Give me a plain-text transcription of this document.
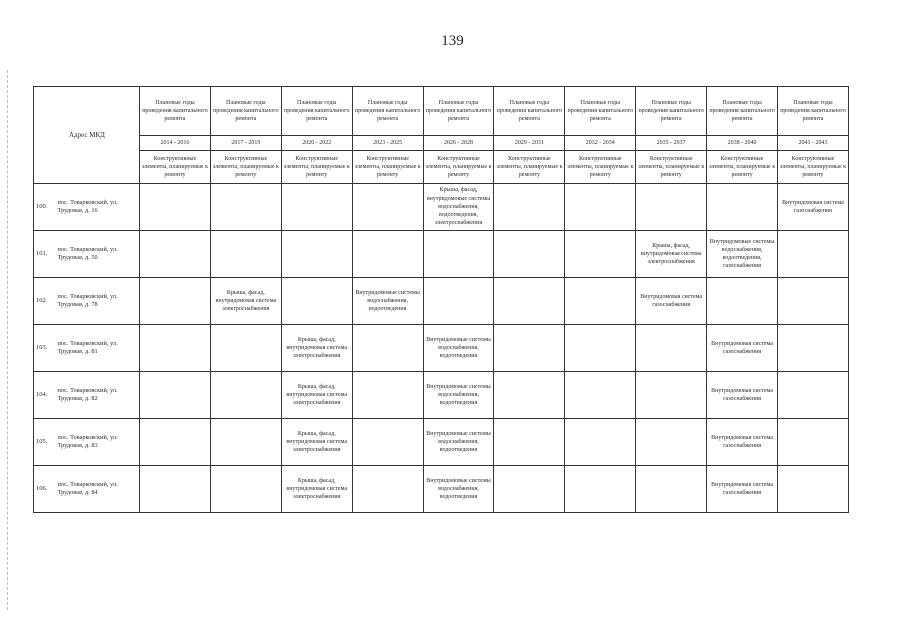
139
Адрес МКД		Плановые годы проведения капитального ремонта	Плановые годы проведения капитального ремонта	Плановые годы проведения капитального ремонта	Плановые годы проведения капитального ремонта	Плановые годы проведения капитального ремонта	Плановые годы проведения капитального ремонта	Плановые годы проведения капитального ремонта	Плановые годы проведения капитального ремонта	Плановые годы проведения капитального ремонта	Плановые годы проведения капитального ремонта
		2014 - 2016	2017 - 2019	2020 - 2022	2023 - 2025	2026 - 2028	2029 - 2031	2032 - 2034	2035 - 2037	2038 - 2040	2041 - 2043
		Конструктивные элементы, планируемые к ремонту	Конструктивные элементы, планируемые к ремонту	Конструктивные элементы, планируемые к ремонту	Конструктивные элементы, планируемые к ремонту	Конструктивные элементы, планируемые к ремонту	Конструктивные элементы, планируемые к ремонту	Конструктивные элементы, планируемые к ремонту	Конструктивные элементы, планируемые к ремонту	Конструктивные элементы, планируемые к ремонту	Конструктивные элементы, планируемые к ремонту
100.	пос. Товарковский, ул. Трудовая, д. 16					Крыша, фасад, внутридомовые системы водоснабжения, водоотведения, электроснабжения					Внутридомовая система газоснабжения
101.	пос. Товарковский, ул. Трудовая, д. 50								Крыша, фасад, внутридомовая система электроснабжения	Внутридомовые системы водоснабжения, водоотведения, газоснабжения	
102.	пос. Товарковский, ул. Трудовая, д. 78		Крыша, фасад, внутридомовая система электроснабжения		Внутридомовые системы водоснабжения, водоотведения				Внутридомовая система газоснабжения		
103.	пос. Товарковский, ул. Трудовая, д. 81			Крыша, фасад, внутридомовая система электроснабжения		Внутридомовые системы водоснабжения, водоотведения				Внутридомовая система газоснабжения	
104.	пос. Товарковский, ул. Трудовая, д. 82			Крыша, фасад, внутридомовая система электроснабжения		Внутридомовые системы водоснабжения, водоотведения				Внутридомовая система газоснабжения	
105.	пос. Товарковский, ул. Трудовая, д. 83			Крыша, фасад, внутридомовая система электроснабжения		Внутридомовые системы водоснабжения, водоотведения				Внутридомовая система газоснабжения	
106.	пос. Товарковский, ул. Трудовая, д. 84			Крыша, фасад, внутридомовая система электроснабжения		Внутридомовые системы водоснабжения, водоотведения				Внутридомовая система газоснабжения	
